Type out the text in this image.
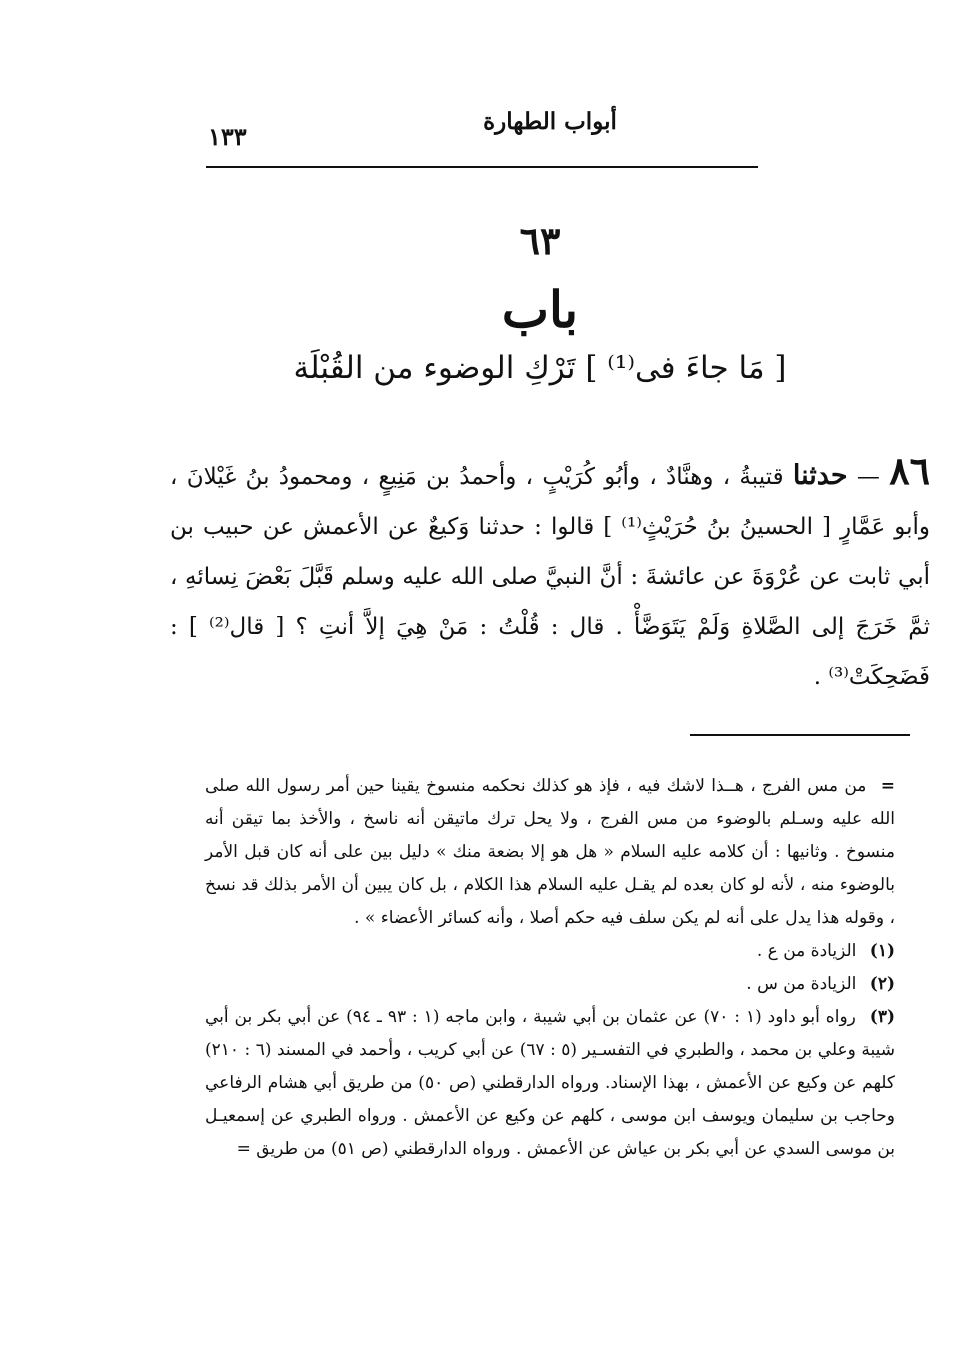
أبواب الطهارة
١٣٣
٦٣
باب
[ مَا جاءَ فى⁽¹⁾ ] تَرْكِ الوضوء من القُبْلَة
٨٦ — حدثنا قتيبةُ ، وهنَّادٌ ، وأبُو كُرَيْبٍ ، وأحمدُ بن مَنِيعٍ ، ومحمودُ بنُ غَيْلانَ ، وأبو عَمَّارٍ [ الحسينُ بنُ حُرَيْثٍ⁽¹⁾ ] قالوا : حدثنا وَكيعٌ عن الأعمش عن حبيب بن أبي ثابت عن عُرْوَةَ عن عائشةَ : أنَّ النبيَّ صلى الله عليه وسلم قَبَّلَ بَعْضَ نِسائهِ ، ثمَّ خَرَجَ إلى الصَّلاةِ وَلَمْ يَتَوَضَّأْ . قال : قُلْتُ : مَنْ هِيَ إلاَّ أنتِ ؟ [ قال⁽²⁾ ] : فَضَحِكَتْ⁽³⁾ .

= من مس الفرج ، هــذا لاشك فيه ، فإذ هو كذلك نحكمه منسوخ يقينا حين أمر رسول الله صلى الله عليه وسـلم بالوضوء من مس الفرج ، ولا يحل ترك ماتيقن أنه ناسخ ، والأخذ بما تيقن أنه منسوخ . وثانيها : أن كلامه عليه السلام « هل هو إلا بضعة منك » دليل بين على أنه كان قبل الأمر بالوضوء منه ، لأنه لو كان بعده لم يقـل عليه السلام هذا الكلام ، بل كان يبين أن الأمر بذلك قد نسخ ، وقوله هذا يدل على أنه لم يكن سلف فيه حكم أصلا ، وأنه كسائر الأعضاء » .

(١) الزيادة من ع .

(٢) الزيادة من س .

(٣) رواه أبو داود (١ : ٧٠) عن عثمان بن أبي شيبة ، وابن ماجه (١ : ٩٣ ـ ٩٤) عن أبي بكر بن أبي شيبة وعلي بن محمد ، والطبري في التفسـير (٥ : ٦٧) عن أبي كريب ، وأحمد في المسند (٦ : ٢١٠) كلهم عن وكيع عن الأعمش ، بهذا الإسناد. ورواه الدارقطني (ص ٥٠) من طريق أبي هشام الرفاعي وحاجب بن سليمان ويوسف ابن موسى ، كلهم عن وكيع عن الأعمش . ورواه الطبري عن إسمعيـل بن موسى السدي عن أبي بكر بن عياش عن الأعمش . ورواه الدارقطني (ص ٥١) من طريق =
